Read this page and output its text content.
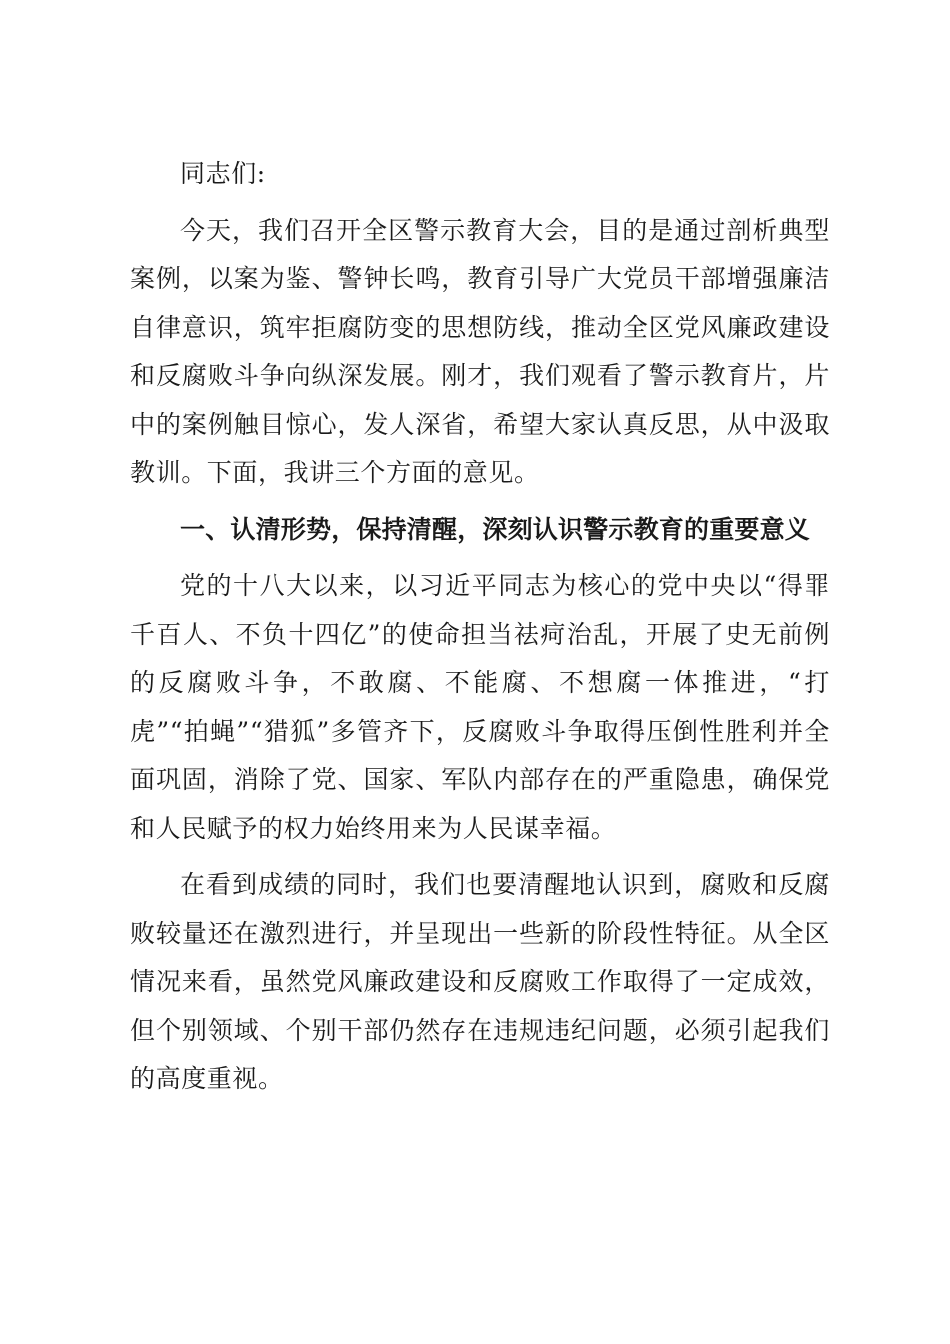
同志们:

今天，我们召开全区警示教育大会，目的是通过剖析典型案例，以案为鉴、警钟长鸣，教育引导广大党员干部增强廉洁自律意识，筑牢拒腐防变的思想防线，推动全区党风廉政建设和反腐败斗争向纵深发展。刚才，我们观看了警示教育片，片中的案例触目惊心，发人深省，希望大家认真反思，从中汲取教训。下面，我讲三个方面的意见。

一、认清形势，保持清醒，深刻认识警示教育的重要意义

党的十八大以来，以习近平同志为核心的党中央以“得罪千百人、不负十四亿”的使命担当祛疴治乱，开展了史无前例的反腐败斗争，不敢腐、不能腐、不想腐一体推进，“打虎”“拍蝇”“猎狐”多管齐下，反腐败斗争取得压倒性胜利并全面巩固，消除了党、国家、军队内部存在的严重隐患，确保党和人民赋予的权力始终用来为人民谋幸福。

在看到成绩的同时，我们也要清醒地认识到，腐败和反腐败较量还在激烈进行，并呈现出一些新的阶段性特征。从全区情况来看，虽然党风廉政建设和反腐败工作取得了一定成效，但个别领域、个别干部仍然存在违规违纪问题，必须引起我们的高度重视。
